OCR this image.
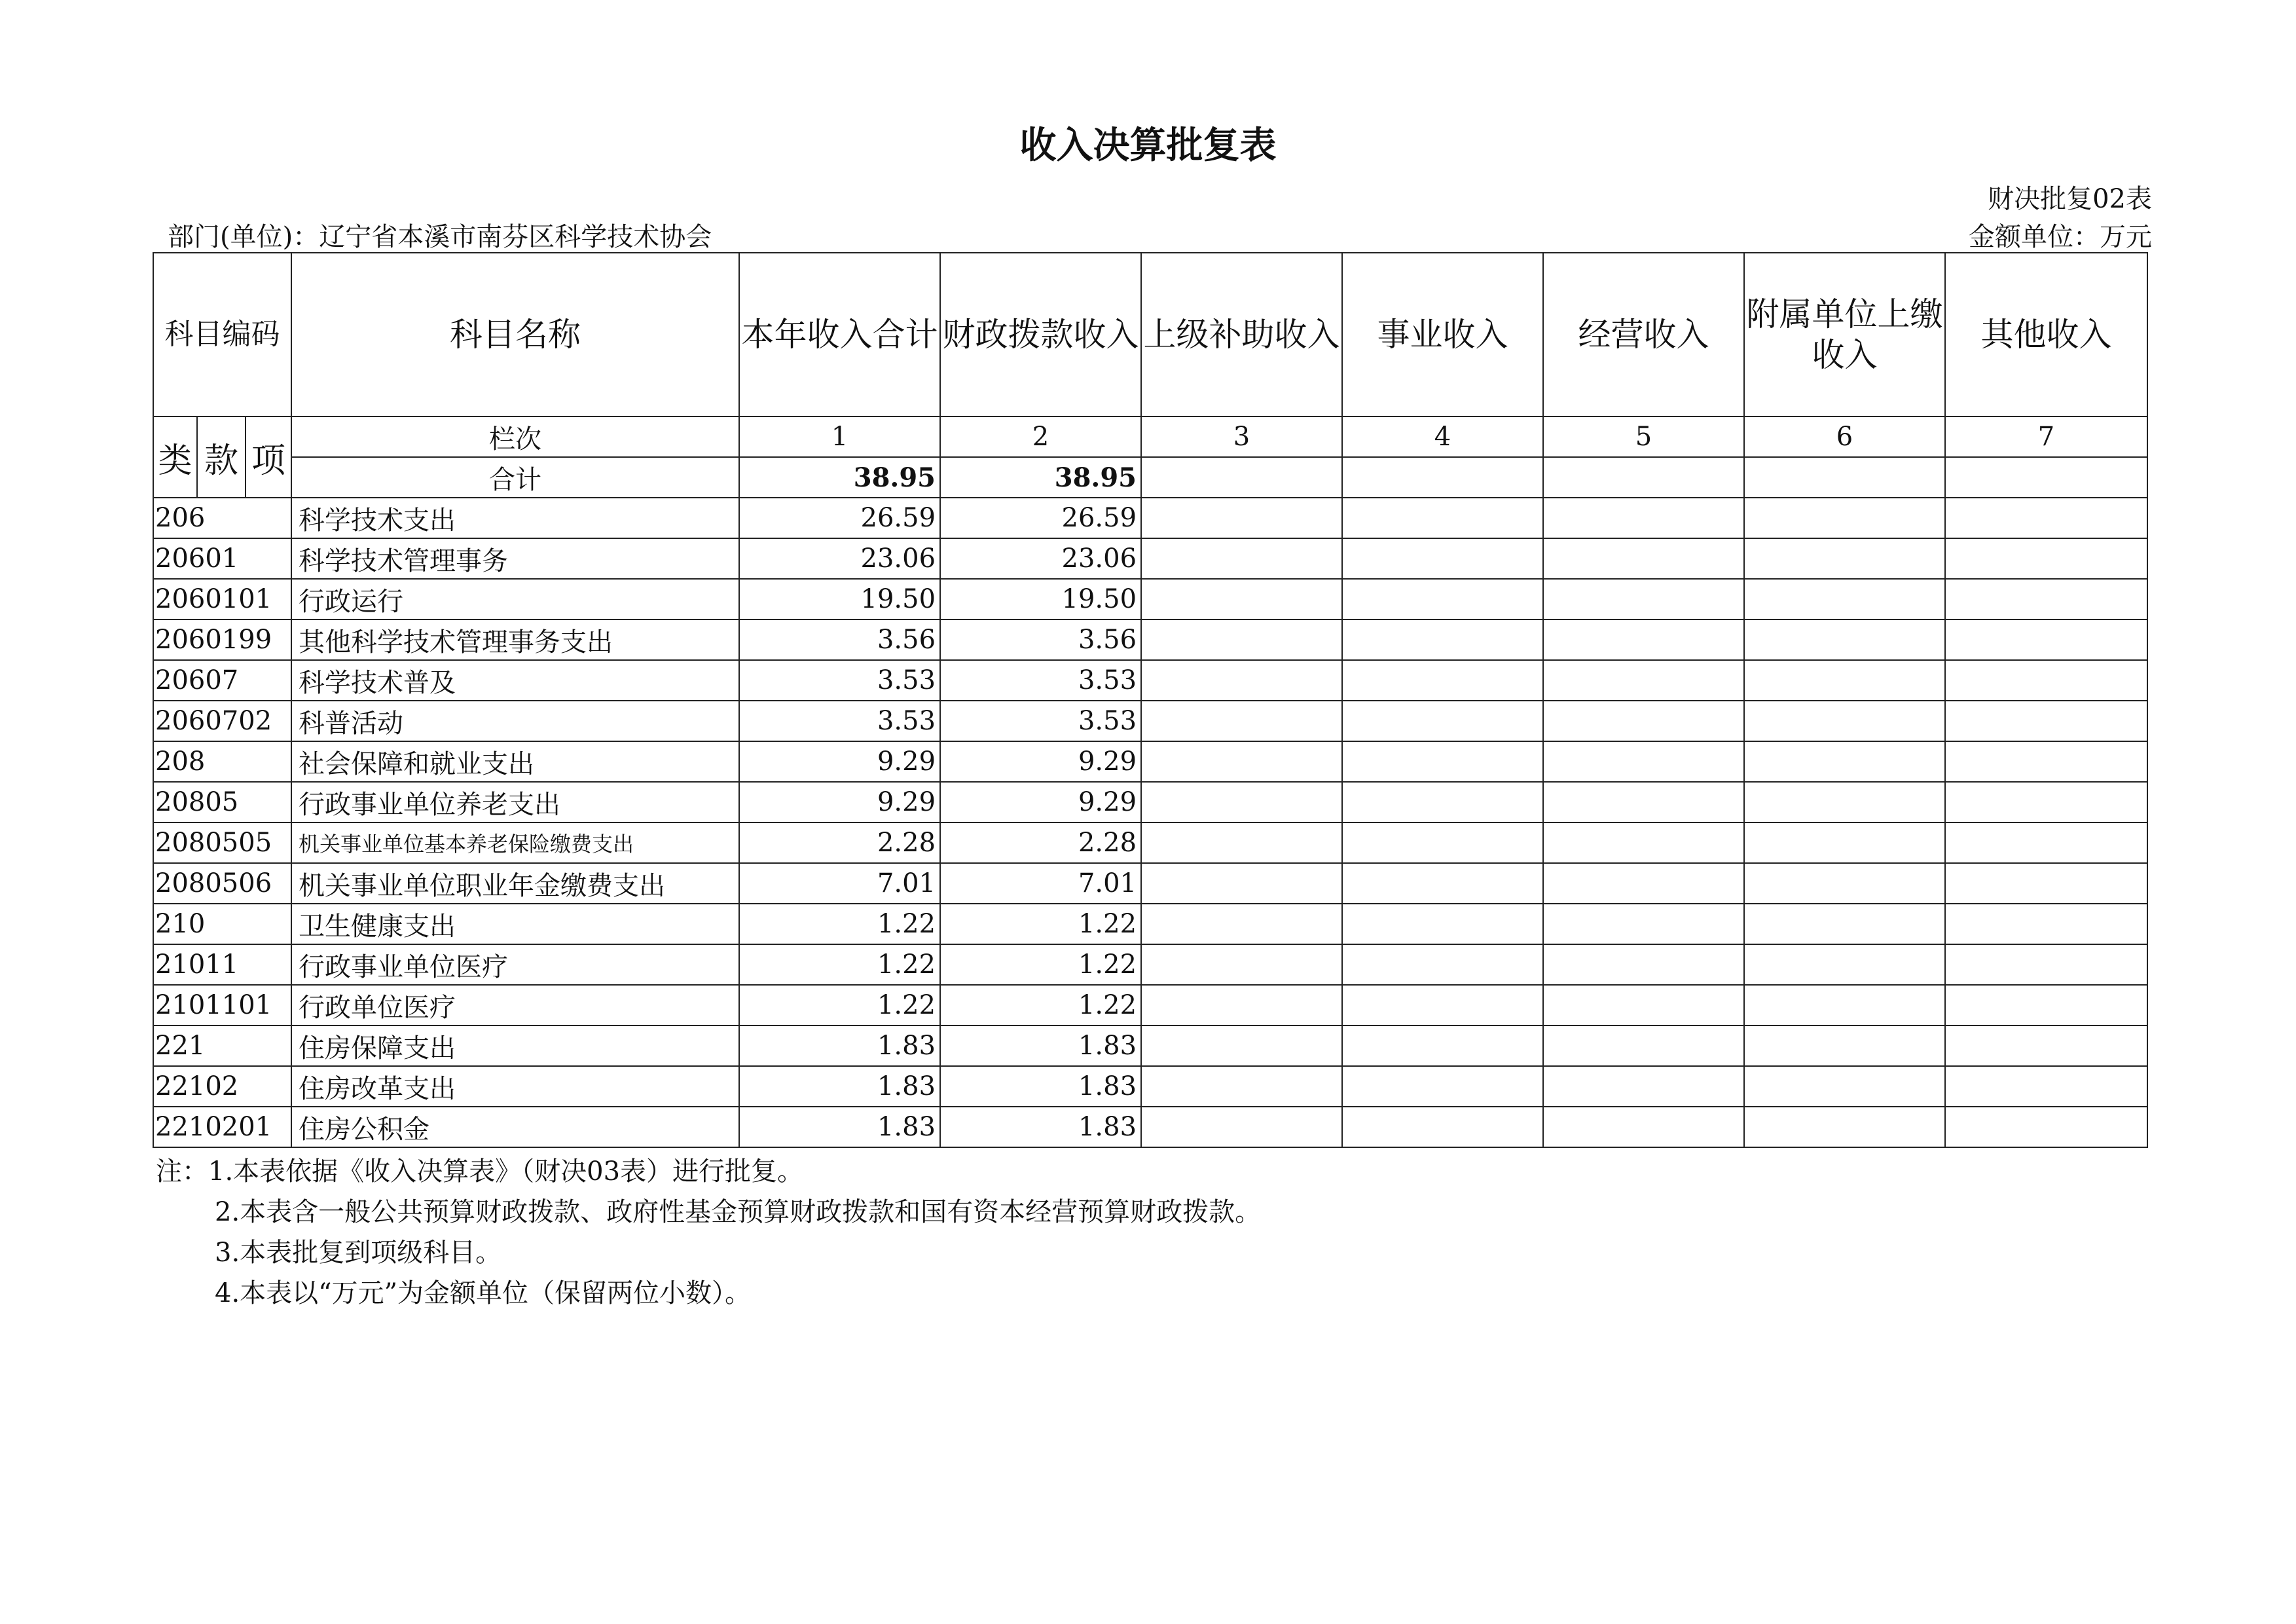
收入决算批复表
财决批复02表
部门(单位)：辽宁省本溪市南芬区科学技术协会	金额单位：万元
科目编码			科目名称	本年收入合计	财政拨款收入	上级补助收入	事业收入	经营收入	附属单位上缴收入	其他收入
类	款	项	栏次	1	2	3	4	5	6	7
			合计	38.95	38.95					
206			科学技术支出	26.59	26.59					
20601			科学技术管理事务	23.06	23.06					
2060101			行政运行	19.50	19.50					
2060199			其他科学技术管理事务支出	3.56	3.56					
20607			科学技术普及	3.53	3.53					
2060702			科普活动	3.53	3.53					
208			社会保障和就业支出	9.29	9.29					
20805			行政事业单位养老支出	9.29	9.29					
2080505			机关事业单位基本养老保险缴费支出	2.28	2.28					
2080506			机关事业单位职业年金缴费支出	7.01	7.01					
210			卫生健康支出	1.22	1.22					
21011			行政事业单位医疗	1.22	1.22					
2101101			行政单位医疗	1.22	1.22					
221			住房保障支出	1.83	1.83					
22102			住房改革支出	1.83	1.83					
2210201			住房公积金	1.83	1.83					
注：1.本表依据《收入决算表》（财决03表）进行批复。
2.本表含一般公共预算财政拨款、政府性基金预算财政拨款和国有资本经营预算财政拨款。
3.本表批复到项级科目。
4.本表以“万元”为金额单位（保留两位小数）。
